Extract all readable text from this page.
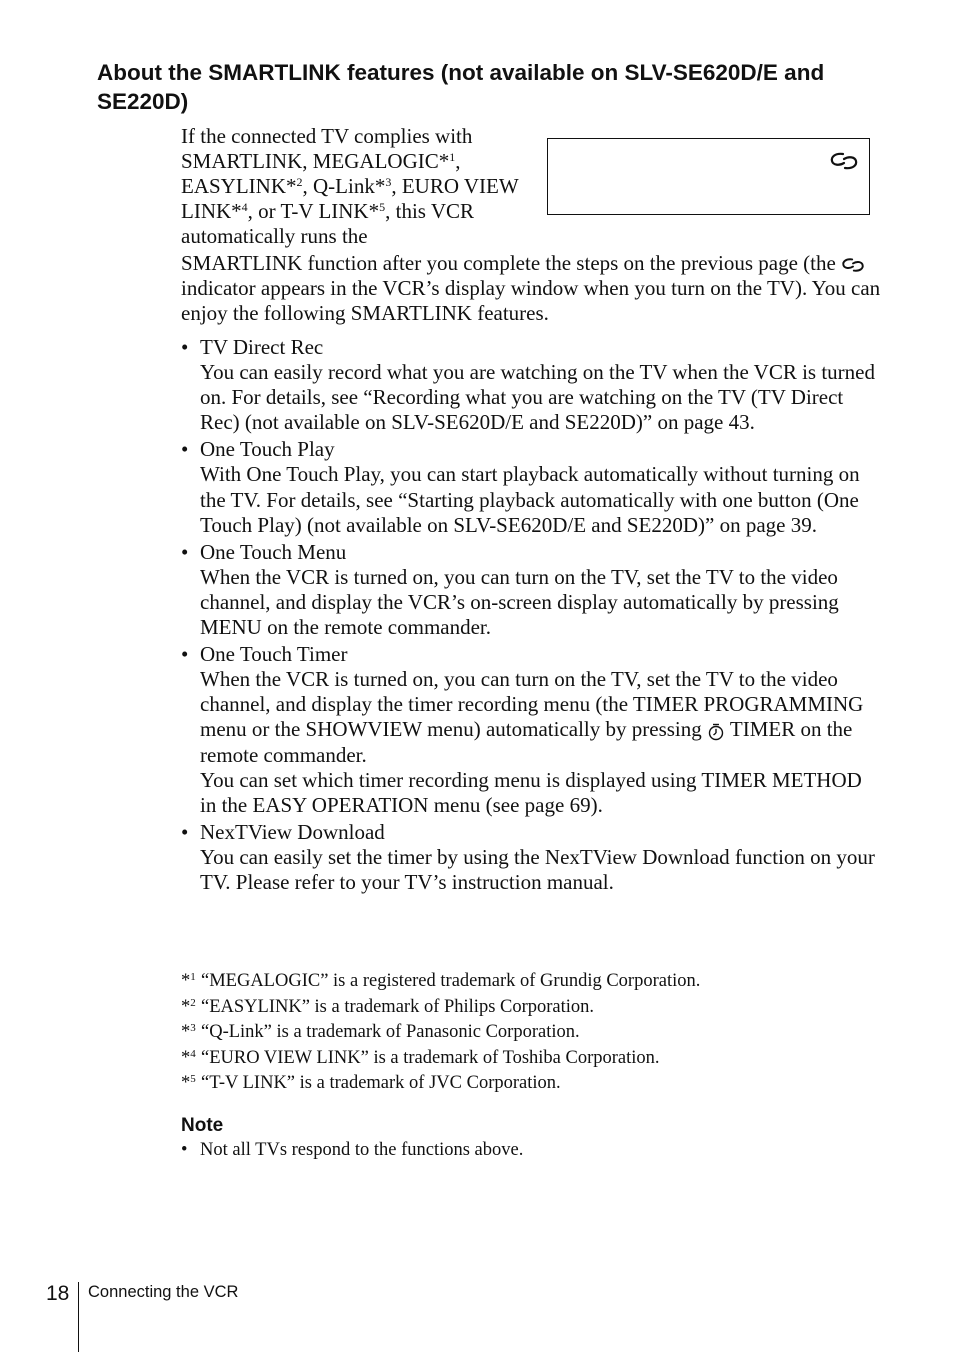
About the SMARTLINK features (not available on SLV-SE620D/E and SE220D)
If the connected TV complies with SMARTLINK, MEGALOGIC*$^1$, EASYLINK*$^2$, Q-Link*$^3$, EURO VIEW LINK*$^4$, or T-V LINK*$^5$, this VCR automatically runs the
SMARTLINK function after you complete the steps on the previous page (the  indicator appears in the VCR’s display window when you turn on the TV). You can enjoy the following SMARTLINK features.
• TV Direct Rec
You can easily record what you are watching on the TV when the VCR is turned on. For details, see “Recording what you are watching on the TV (TV Direct Rec) (not available on SLV-SE620D/E and SE220D)” on page 43.
• One Touch Play
With One Touch Play, you can start playback automatically without turning on the TV. For details, see “Starting playback automatically with one button (One Touch Play) (not available on SLV-SE620D/E and SE220D)” on page 39.
• One Touch Menu
When the VCR is turned on, you can turn on the TV, set the TV to the video channel, and display the VCR’s on-screen display automatically by pressing MENU on the remote commander.
• One Touch Timer
When the VCR is turned on, you can turn on the TV, set the TV to the video channel, and display the timer recording menu (the TIMER PROGRAMMING menu or the SHOWVIEW menu) automatically by pressing TIMER on the remote commander.
You can set which timer recording menu is displayed using TIMER METHOD in the EASY OPERATION menu (see page 69).
• NexTView Download
You can easily set the timer by using the NexTView Download function on your TV. Please refer to your TV’s instruction manual.
*$^1$ “MEGALOGIC” is a registered trademark of Grundig Corporation.
*$^2$ “EASYLINK” is a trademark of Philips Corporation.
*$^3$ “Q-Link” is a trademark of Panasonic Corporation.
*$^4$ “EURO VIEW LINK” is a trademark of Toshiba Corporation.
*$^5$ “T-V LINK” is a trademark of JVC Corporation.
Note
• Not all TVs respond to the functions above.
18 Connecting the VCR
